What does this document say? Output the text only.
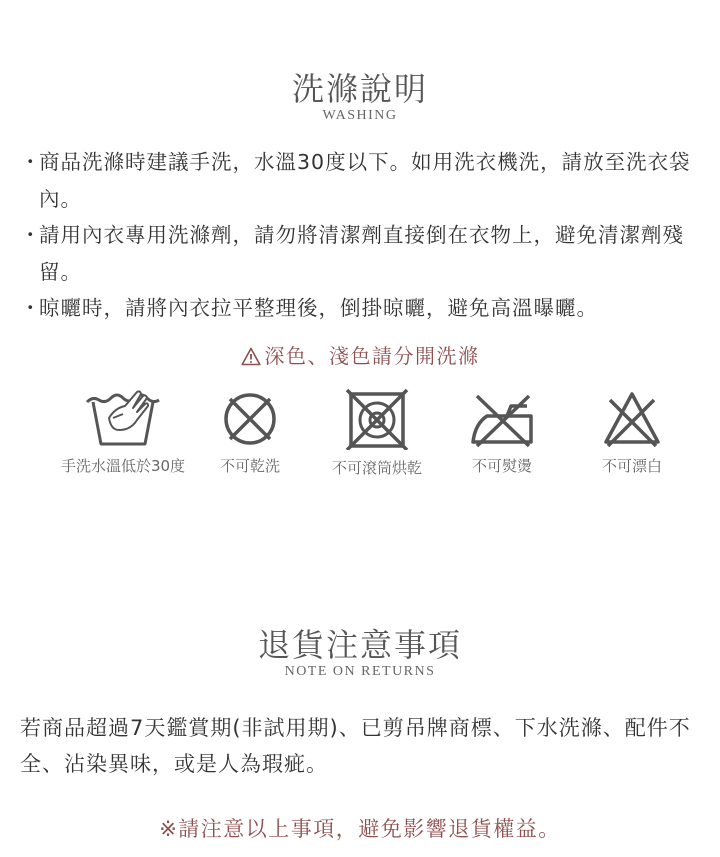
洗滌說明
WASHING
・
商品洗滌時建議手洗，水溫30度以下。如用洗衣機洗，請放至洗衣袋內。
・
請用內衣專用洗滌劑，請勿將清潔劑直接倒在衣物上，避免清潔劑殘留。
・
晾曬時，請將內衣拉平整理後，倒掛晾曬，避免高溫曝曬。
深色、淺色請分開洗滌
手洗水溫低於30度	不可乾洗	不可滾筒烘乾	不可熨燙	不可漂白
退貨注意事項
NOTE ON RETURNS

若商品超過7天鑑賞期(非試用期)、已剪吊牌商標、下水洗滌、配件不全、沾染異味，或是人為瑕疵。

※請注意以上事項，避免影響退貨權益。
